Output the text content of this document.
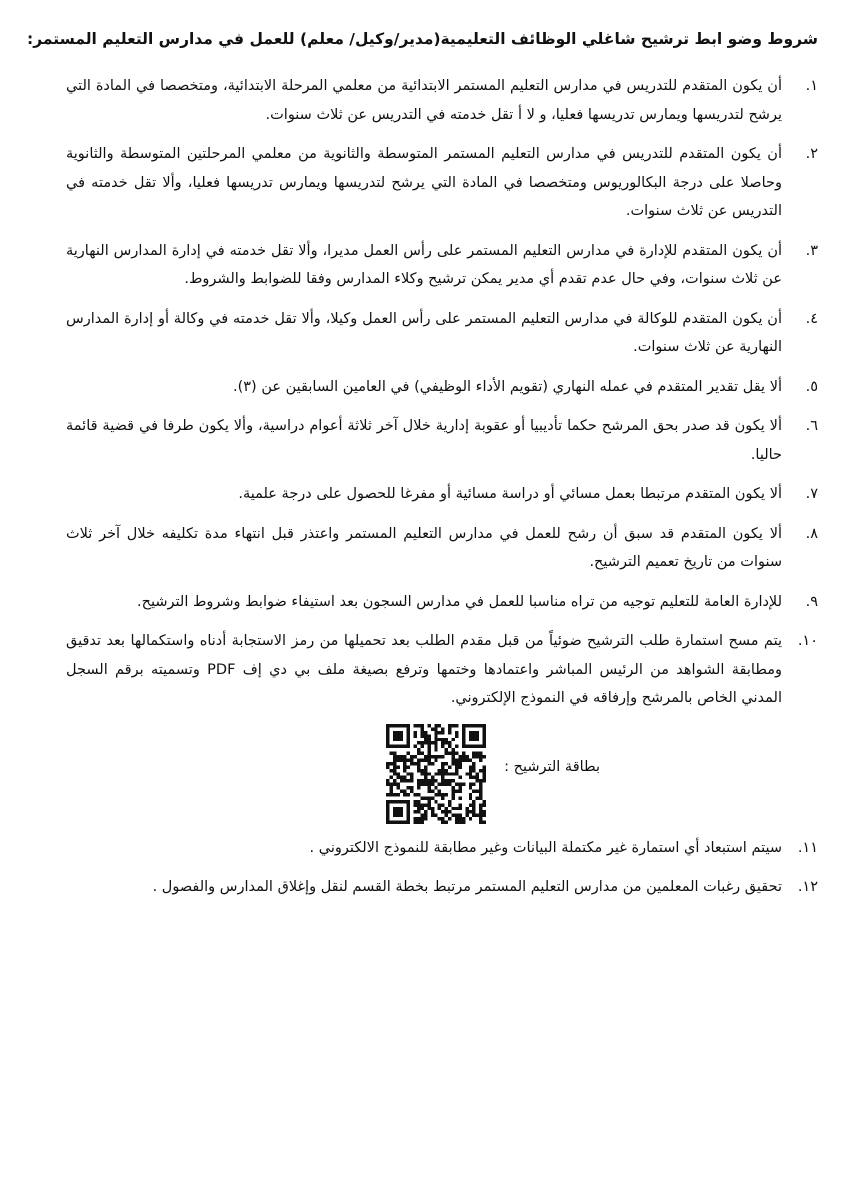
شروط وضو ابط ترشيح شاغلي الوظائف التعليمية(مدير/وكيل/ معلم) للعمل في مدارس التعليم المستمر:
١.
أن يكون المتقدم للتدريس في مدارس التعليم المستمر الابتدائية من معلمي المرحلة الابتدائية، ومتخصصا في المادة التي يرشح لتدريسها ويمارس تدريسها فعليا، و لا أ تقل خدمته في التدريس عن ثلاث سنوات.
٢.
أن يكون المتقدم للتدريس في مدارس التعليم المستمر المتوسطة والثانوية من معلمي المرحلتين المتوسطة والثانوية وحاصلا على درجة البكالوريوس ومتخصصا في المادة التي يرشح لتدريسها ويمارس تدريسها فعليا، وألا تقل خدمته في التدريس عن ثلاث سنوات.
٣.
أن يكون المتقدم للإدارة في مدارس التعليم المستمر على رأس العمل مديرا، وألا تقل خدمته في إدارة المدارس النهارية عن ثلاث سنوات، وفي حال عدم تقدم أي مدير يمكن ترشيح وكلاء المدارس وفقا للضوابط والشروط.
٤.
أن يكون المتقدم للوكالة في مدارس التعليم المستمر على رأس العمل وكيلا، وألا تقل خدمته في وكالة أو إدارة المدارس النهارية عن ثلاث سنوات.
٥.
ألا يقل تقدير المتقدم في عمله النهاري (تقويم الأداء الوظيفي) في العامين السابقين عن (٣).
٦.
ألا يكون قد صدر بحق المرشح حكما تأديبيا أو عقوبة إدارية خلال آخر ثلاثة أعوام دراسية، وألا يكون طرفا في قضية قائمة حاليا.
٧.
ألا يكون المتقدم مرتبطا بعمل مسائي أو دراسة مسائية أو مفرغا للحصول على درجة علمية.
٨.
ألا يكون المتقدم قد سبق أن رشح للعمل في مدارس التعليم المستمر واعتذر قبل انتهاء مدة تكليفه خلال آخر ثلاث سنوات من تاريخ تعميم الترشيح.
٩.
للإدارة العامة للتعليم توجيه من تراه مناسبا للعمل في مدارس السجون بعد استيفاء ضوابط وشروط الترشيح.
١٠.
يتم مسح استمارة طلب الترشيح ضوئياً من قبل مقدم الطلب بعد تحميلها من رمز الاستجابة أدناه واستكمالها بعد تدقيق ومطابقة الشواهد من الرئيس المباشر واعتمادها وختمها وترفع بصيغة ملف بي دي إف PDF وتسميته برقم السجل المدني الخاص بالمرشح وإرفاقه في النموذج الإلكتروني.
بطاقة الترشيح :
١١.
سيتم استبعاد أي استمارة غير مكتملة البيانات وغير مطابقة للنموذج الالكتروني .
١٢.
تحقيق رغبات المعلمين من مدارس التعليم المستمر مرتبط بخطة القسم لنقل وإغلاق المدارس والفصول .
